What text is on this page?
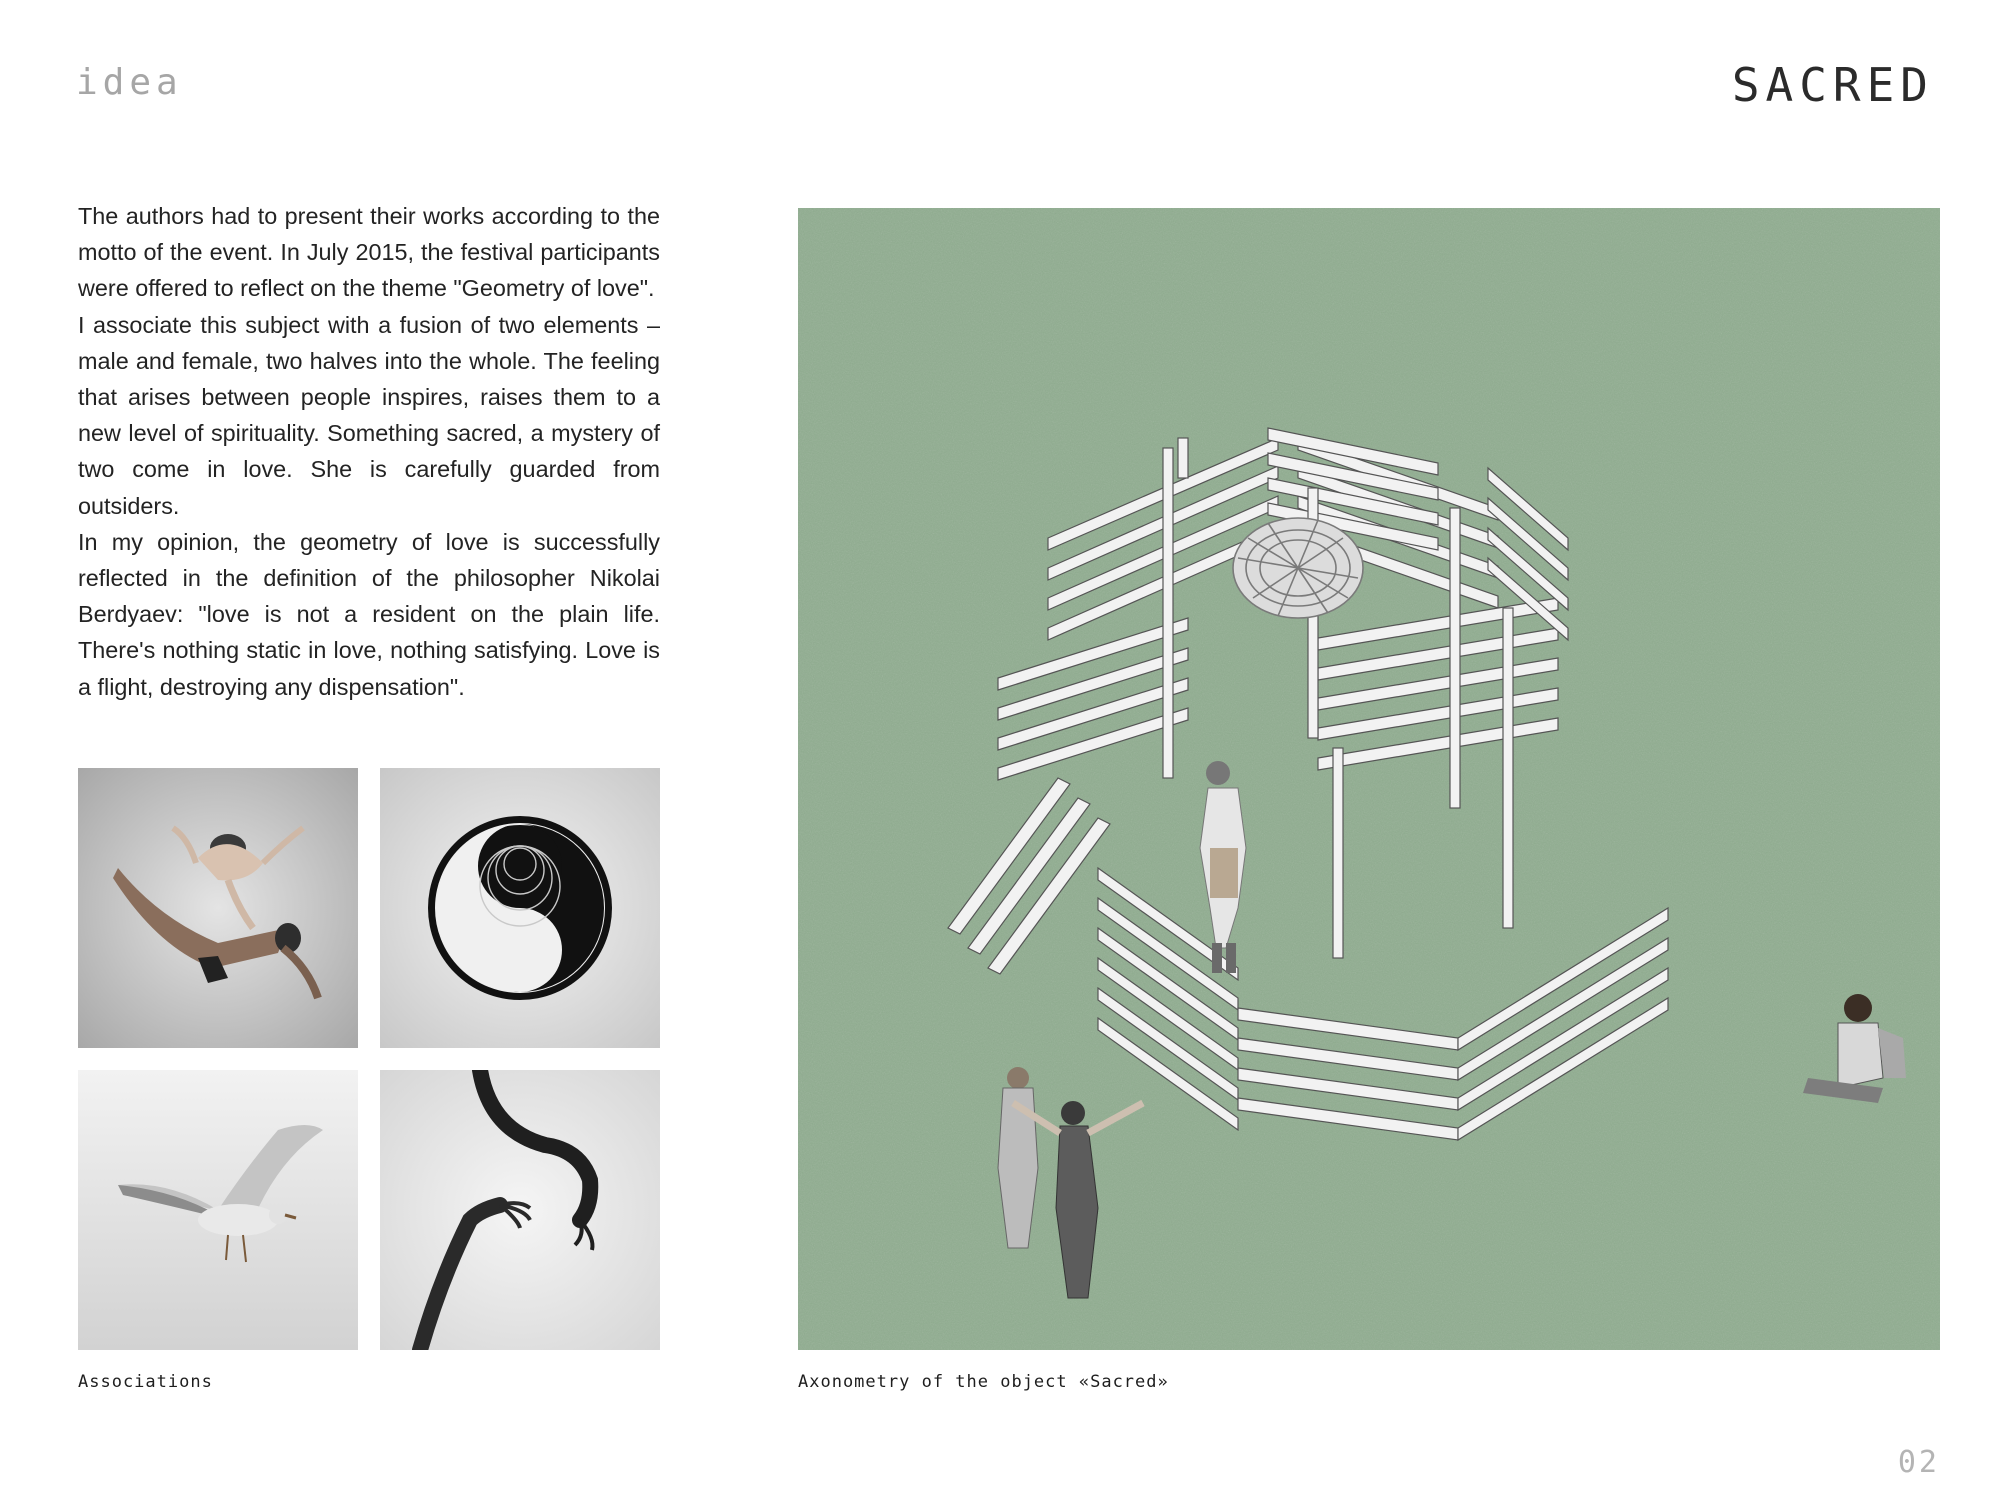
idea	SACRED

The authors had to present their works according to the motto of the event. In July 2015, the festival participants were offered to reflect on the theme "Geometry of love".

I associate this subject with a fusion of two elements – male and female, two halves into the whole. The feeling that arises between people inspires, raises them to a new level of spirituality. Something sacred, a mystery of two come in love. She is carefully guarded from outsiders.

In my opinion, the geometry of love is successfully reflected in the definition of the philosopher Nikolai Berdyaev: "love is not a resident on the plain life. There's nothing static in love, nothing satisfying. Love is a flight, destroying any dispensation".

Associations	Axonometry of the object «Sacred»
02
